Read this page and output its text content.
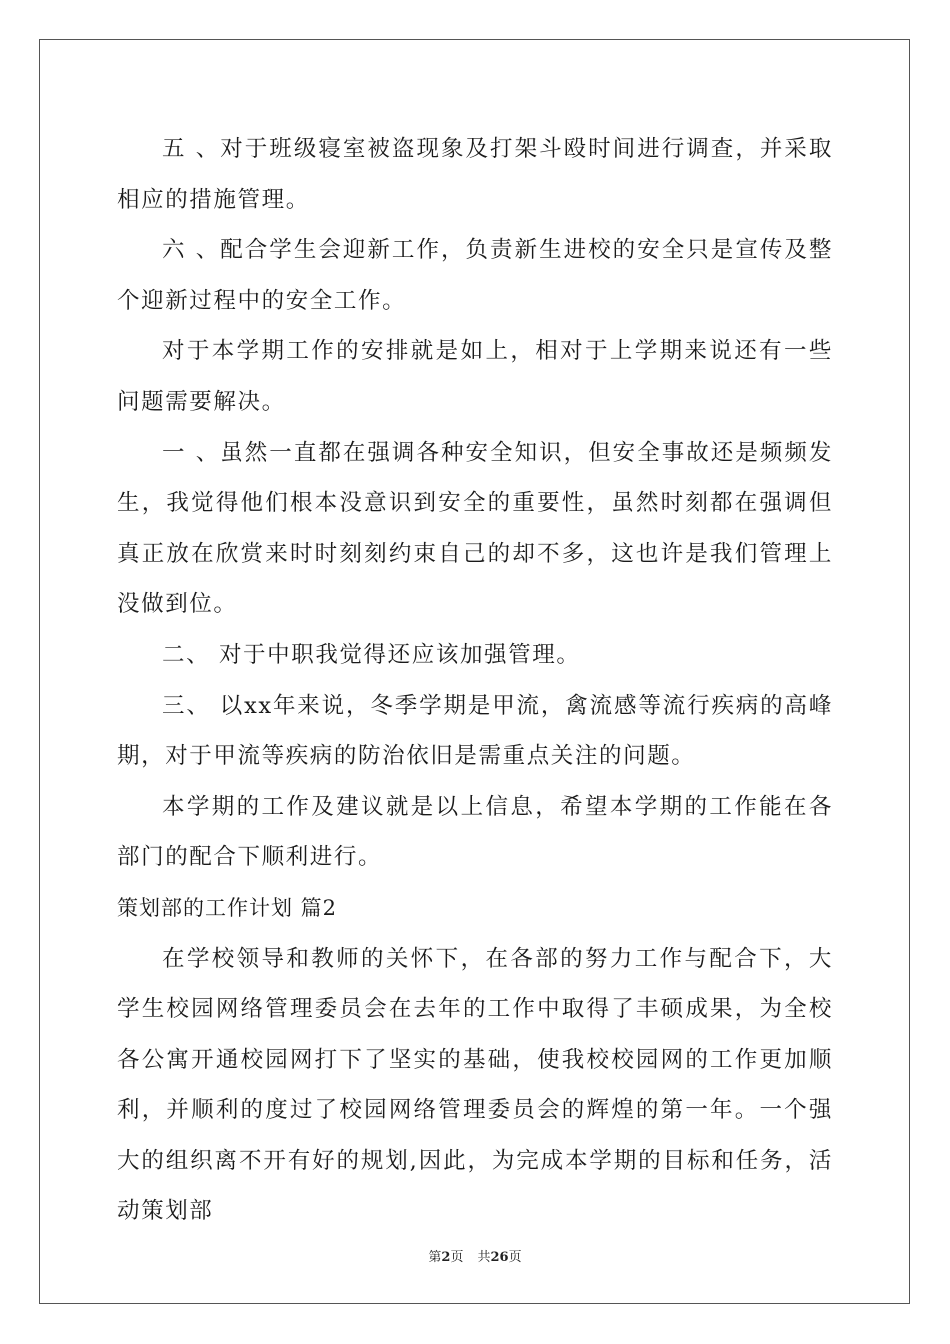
五 、对于班级寝室被盗现象及打架斗殴时间进行调查，并采取相应的措施管理。

六 、配合学生会迎新工作，负责新生进校的安全只是宣传及整个迎新过程中的安全工作。

对于本学期工作的安排就是如上，相对于上学期来说还有一些问题需要解决。

一 、虽然一直都在强调各种安全知识，但安全事故还是频频发生，我觉得他们根本没意识到安全的重要性，虽然时刻都在强调但真正放在欣赏来时时刻刻约束自己的却不多，这也许是我们管理上没做到位。

二、 对于中职我觉得还应该加强管理。

三、 以xx年来说，冬季学期是甲流，禽流感等流行疾病的高峰期，对于甲流等疾病的防治依旧是需重点关注的问题。

本学期的工作及建议就是以上信息，希望本学期的工作能在各部门的配合下顺利进行。

策划部的工作计划 篇2

在学校领导和教师的关怀下，在各部的努力工作与配合下，大学生校园网络管理委员会在去年的工作中取得了丰硕成果，为全校各公寓开通校园网打下了坚实的基础，使我校校园网的工作更加顺利，并顺利的度过了校园网络管理委员会的辉煌的第一年。一个强大的组织离不开有好的规划,因此，为完成本学期的目标和任务，活动策划部

第2页 共26页
